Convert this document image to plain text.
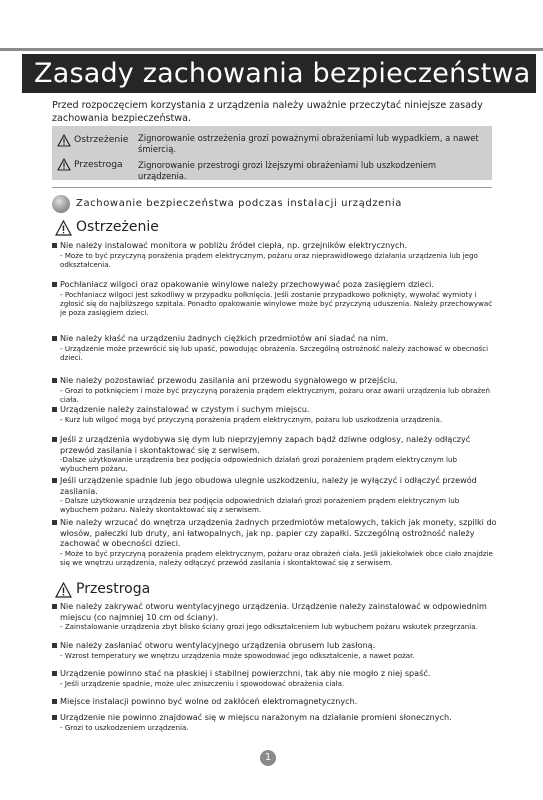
Zasady zachowania bezpieczeństwa
Przed rozpoczęciem korzystania z urządzenia należy uważnie przeczytać niniejsze zasady zachowania bezpieczeństwa.
Ostrzeżenie Zignorowanie ostrzeżenia grozi poważnymi obrażeniami lub wypadkiem, a nawet śmiercią.
Przestroga Zignorowanie przestrogi grozi lżejszymi obrażeniami lub uszkodzeniem urządzenia.
Zachowanie bezpieczeństwa podczas instalacji urządzenia
Ostrzeżenie
Nie należy instalować monitora w pobliżu źródeł ciepła, np. grzejników elektrycznych.
- Może to być przyczyną porażenia prądem elektrycznym, pożaru oraz nieprawidłowego działania urządzenia lub jego odkształcenia.
Pochłaniacz wilgoci oraz opakowanie winylowe należy przechowywać poza zasięgiem dzieci.
- Pochłaniacz wilgoci jest szkodliwy w przypadku połknięcia. Jeśli zostanie przypadkowo połknięty, wywołać wymioty i zgłosić się do najbliższego szpitala. Ponadto opakowanie winylowe może być przyczyną uduszenia. Należy przechowywać je poza zasięgiem dzieci.
Nie należy kłaść na urządzeniu żadnych ciężkich przedmiotów ani siadać na nim.
- Urządzenie może przewrócić się lub upaść, powodując obrażenia. Szczególną ostrożność należy zachować w obecności dzieci.
Nie należy pozostawiać przewodu zasilania ani przewodu sygnałowego w przejściu.
- Grozi to potknięciem i może być przyczyną porażenia prądem elektrycznym, pożaru oraz awarii urządzenia lub obrażeń ciała.
Urządzenie należy zainstalować w czystym i suchym miejscu.
- Kurz lub wilgoć mogą być przyczyną porażenia prądem elektrycznym, pożaru lub uszkodzenia urządzenia.
Jeśli z urządzenia wydobywa się dym lub nieprzyjemny zapach bądź dziwne odgłosy, należy odłączyć przewód zasilania i skontaktować się z serwisem.
-Dalsze użytkowanie urządzenia bez podjęcia odpowiednich działań grozi porażeniem prądem elektrycznym lub wybuchem pożaru.
Jeśli urządzenie spadnie lub jego obudowa ulegnie uszkodzeniu, należy je wyłączyć i odłączyć przewód zasilania.
- Dalsze użytkowanie urządzenia bez podjęcia odpowiednich działań grozi porażeniem prądem elektrycznym lub wybuchem pożaru. Należy skontaktować się z serwisem.
Nie należy wrzucać do wnętrza urządzenia żadnych przedmiotów metalowych, takich jak monety, szpilki do włosów, pałeczki lub druty, ani łatwopalnych, jak np. papier czy zapałki. Szczególną ostrożność należy zachować w obecności dzieci.
- Może to być przyczyną porażenia prądem elektrycznym, pożaru oraz obrażeń ciała. Jeśli jakiekolwiek obce ciało znajdzie się we wnętrzu urządzenia, należy odłączyć przewód zasilania i skontaktować się z serwisem.
Przestroga
Nie należy zakrywać otworu wentylacyjnego urządzenia. Urządzenie należy zainstalować w odpowiednim miejscu (co najmniej 10 cm od ściany).
- Zainstalowanie urządzenia zbyt blisko ściany grozi jego odkształceniem lub wybuchem pożaru wskutek przegrzania.
Nie należy zasłaniać otworu wentylacyjnego urządzenia obrusem lub zasłoną.
- Wzrost temperatury we wnętrzu urządzenia może spowodować jego odkształcenie, a nawet pożar.
Urządzenie powinno stać na płaskiej i stabilnej powierzchni, tak aby nie mogło z niej spaść.
- Jeśli urządzenie spadnie, może ulec zniszczeniu i spowodować obrażenia ciała.
Miejsce instalacji powinno być wolne od zakłóceń elektromagnetycznych.
Urządzenie nie powinno znajdować się w miejscu narażonym na działanie promieni słonecznych.
- Grozi to uszkodzeniem urządzenia.
1
